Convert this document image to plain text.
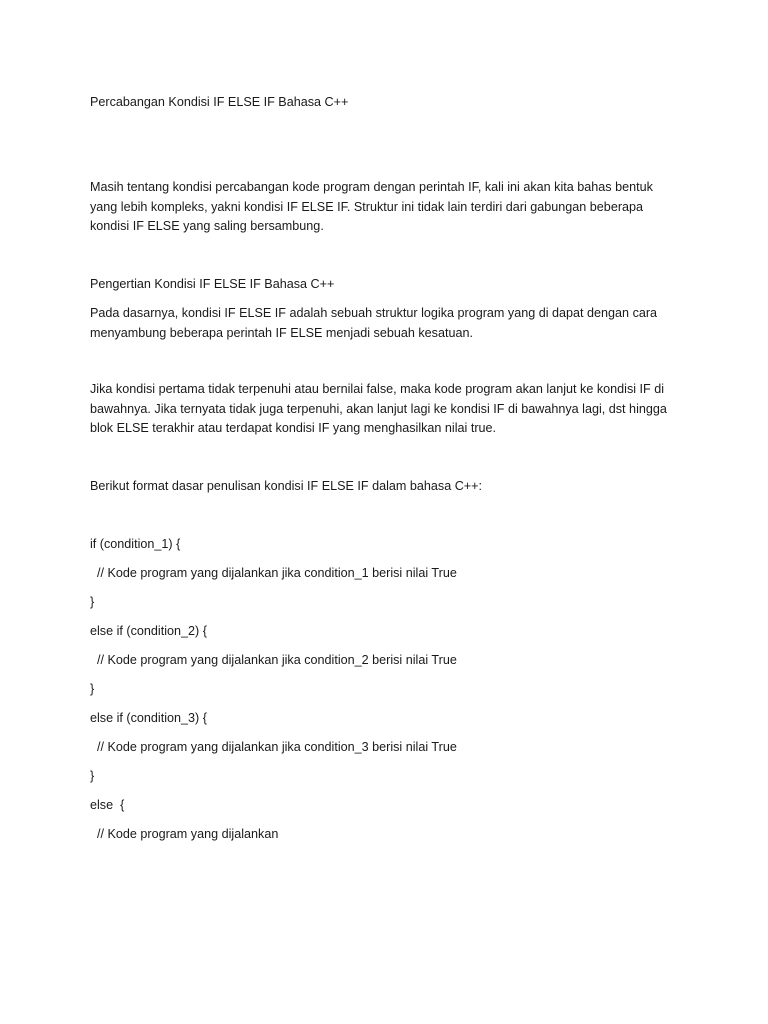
Percabangan Kondisi IF ELSE IF Bahasa C++

Masih tentang kondisi percabangan kode program dengan perintah IF, kali ini akan kita bahas bentuk
yang lebih kompleks, yakni kondisi IF ELSE IF. Struktur ini tidak lain terdiri dari gabungan beberapa
kondisi IF ELSE yang saling bersambung.

Pengertian Kondisi IF ELSE IF Bahasa C++

Pada dasarnya, kondisi IF ELSE IF adalah sebuah struktur logika program yang di dapat dengan cara
menyambung beberapa perintah IF ELSE menjadi sebuah kesatuan.

Jika kondisi pertama tidak terpenuhi atau bernilai false, maka kode program akan lanjut ke kondisi IF di
bawahnya. Jika ternyata tidak juga terpenuhi, akan lanjut lagi ke kondisi IF di bawahnya lagi, dst hingga
blok ELSE terakhir atau terdapat kondisi IF yang menghasilkan nilai true.

Berikut format dasar penulisan kondisi IF ELSE IF dalam bahasa C++:

if (condition_1) {

// Kode program yang dijalankan jika condition_1 berisi nilai True

}

else if (condition_2) {

// Kode program yang dijalankan jika condition_2 berisi nilai True

}

else if (condition_3) {

// Kode program yang dijalankan jika condition_3 berisi nilai True

}

else  {

// Kode program yang dijalankan
